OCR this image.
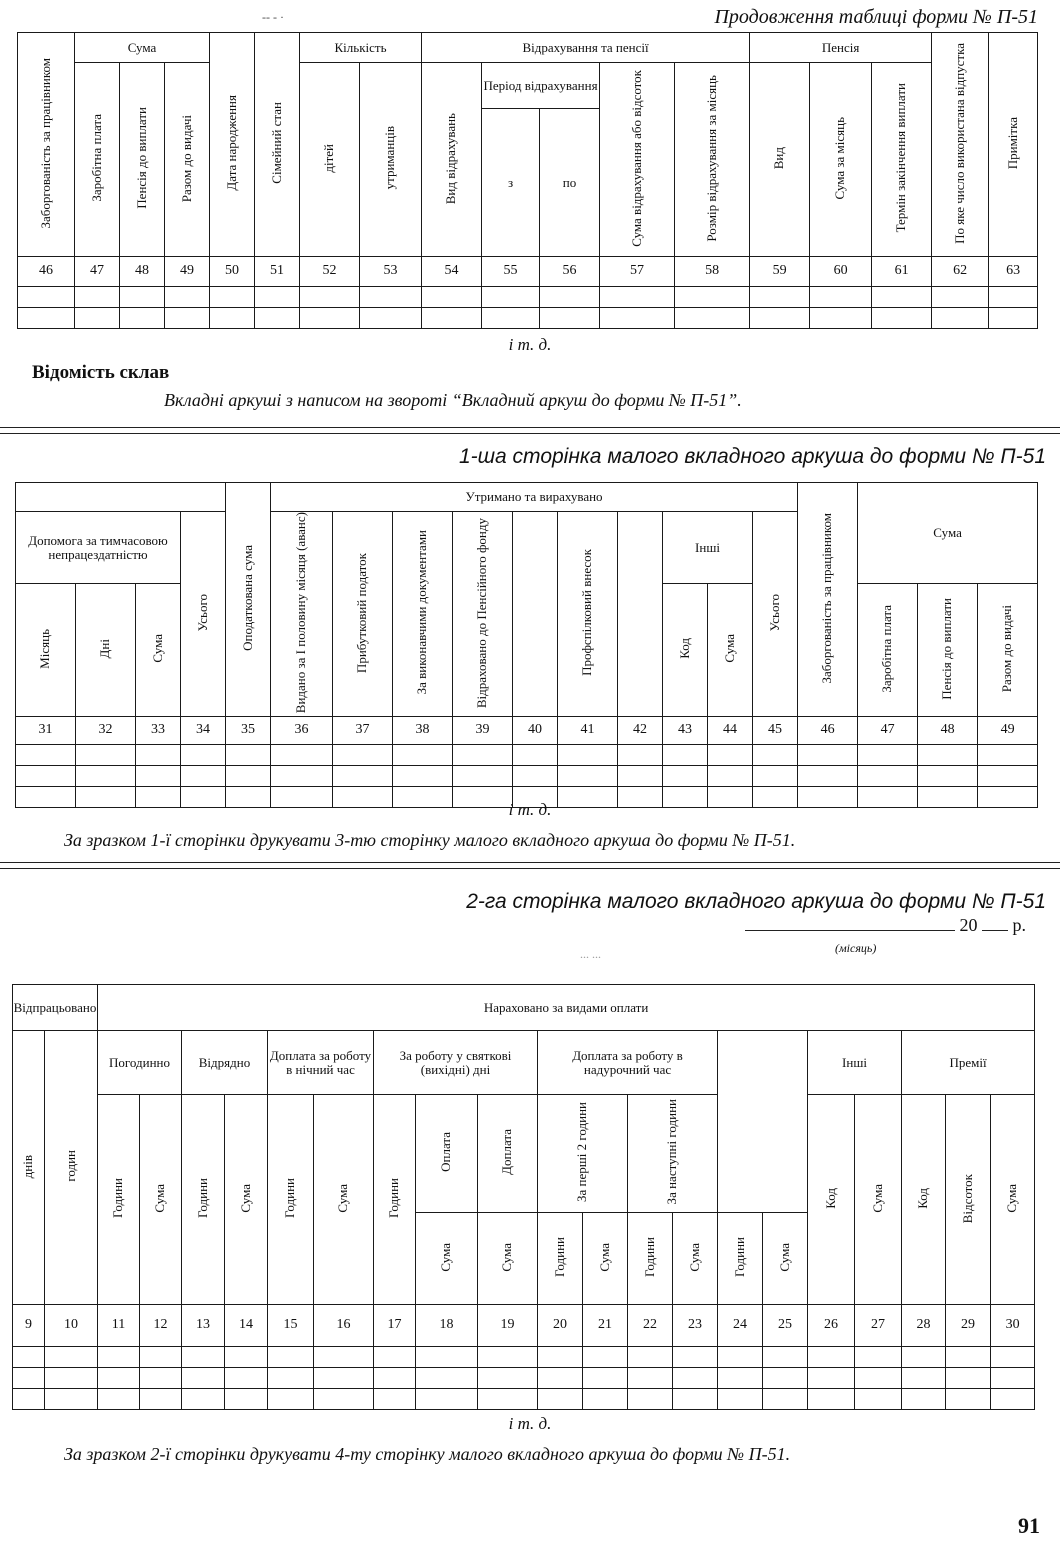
-- - ·	Продовження таблиці форми № П-51
Заборгованість за працівником	Сума			Дата народження	Сімейний стан	Кількість		Відрахування та пенсії					Пенсія			По яке число використана відпустка	Примітка
	Заробітна плата	Пенсія до виплати	Разом до видачі			дітей	утриманців	Вид відрахувань	Період відрахування		Сума відрахування або відсоток	Розмір відрахування за місяць	Вид	Сума за місяць	Термін закінчення виплати		
									з	по							
46	47	48	49	50	51	52	53	54	55	56	57	58	59	60	61	62	63

і т. д.
Відомість склав
Вкладні аркуші з написом на звороті “Вкладний аркуш до форми № П-51”.
1-ша сторінка малого вкладного аркуша до форми № П-51
				Оподаткована сума	Утримано та вирахувано										Заборгованість за працівником	Сума		
Допомога за тимчасовою непрацездатністю			Усього		Видано за І половину місяця (аванс)	Прибутковий податок	За виконавчими документами	Відраховано до Пенсійного фонду		Профспілковий внесок		Інші		Усього				
Місяць	Дні	Сума										Код	Сума			Заробітна плата	Пенсія до виплати	Разом до видачі
31	32	33	34	35	36	37	38	39	40	41	42	43	44	45	46	47	48	49

і т. д.
За зразком 1-ї сторінки друкувати 3-тю сторінку малого вкладного аркуша до форми № П-51.
2-га сторінка малого вкладного аркуша до форми № П-51
20 р.
(місяць)
... ...
Відпрацьовано		Нараховано за видами оплати																			
днів	годин	Погодинно		Відрядно		Доплата за роботу в нічний час		За роботу у святкові (вихідні) дні			Доплата за роботу в надурочний час						Інші		Премії		
		Години	Сума	Години	Сума	Години	Сума	Години	Оплата	Доплата	За перші 2 години		За наступні години				Код	Сума	Код	Відсоток	Сума
									Сума	Сума	Години	Сума	Години	Сума	Години	Сума					
9	10	11	12	13	14	15	16	17	18	19	20	21	22	23	24	25	26	27	28	29	30

і т. д.
За зразком 2-ї сторінки друкувати 4-ту сторінку малого вкладного аркуша до форми № П-51.
91
